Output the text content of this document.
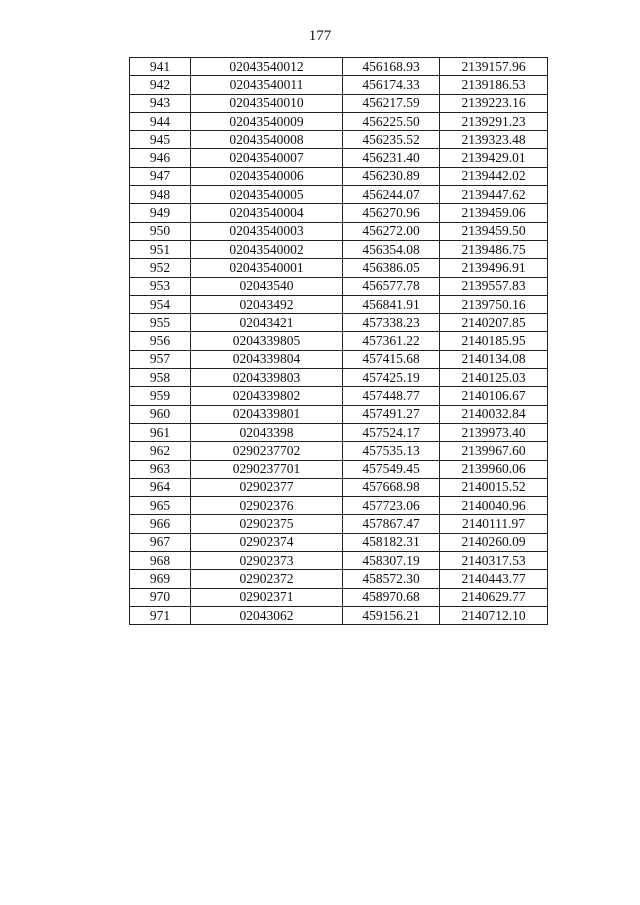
177
941	02043540012	456168.93	2139157.96
942	02043540011	456174.33	2139186.53
943	02043540010	456217.59	2139223.16
944	02043540009	456225.50	2139291.23
945	02043540008	456235.52	2139323.48
946	02043540007	456231.40	2139429.01
947	02043540006	456230.89	2139442.02
948	02043540005	456244.07	2139447.62
949	02043540004	456270.96	2139459.06
950	02043540003	456272.00	2139459.50
951	02043540002	456354.08	2139486.75
952	02043540001	456386.05	2139496.91
953	02043540	456577.78	2139557.83
954	02043492	456841.91	2139750.16
955	02043421	457338.23	2140207.85
956	0204339805	457361.22	2140185.95
957	0204339804	457415.68	2140134.08
958	0204339803	457425.19	2140125.03
959	0204339802	457448.77	2140106.67
960	0204339801	457491.27	2140032.84
961	02043398	457524.17	2139973.40
962	0290237702	457535.13	2139967.60
963	0290237701	457549.45	2139960.06
964	02902377	457668.98	2140015.52
965	02902376	457723.06	2140040.96
966	02902375	457867.47	2140111.97
967	02902374	458182.31	2140260.09
968	02902373	458307.19	2140317.53
969	02902372	458572.30	2140443.77
970	02902371	458970.68	2140629.77
971	02043062	459156.21	2140712.10
